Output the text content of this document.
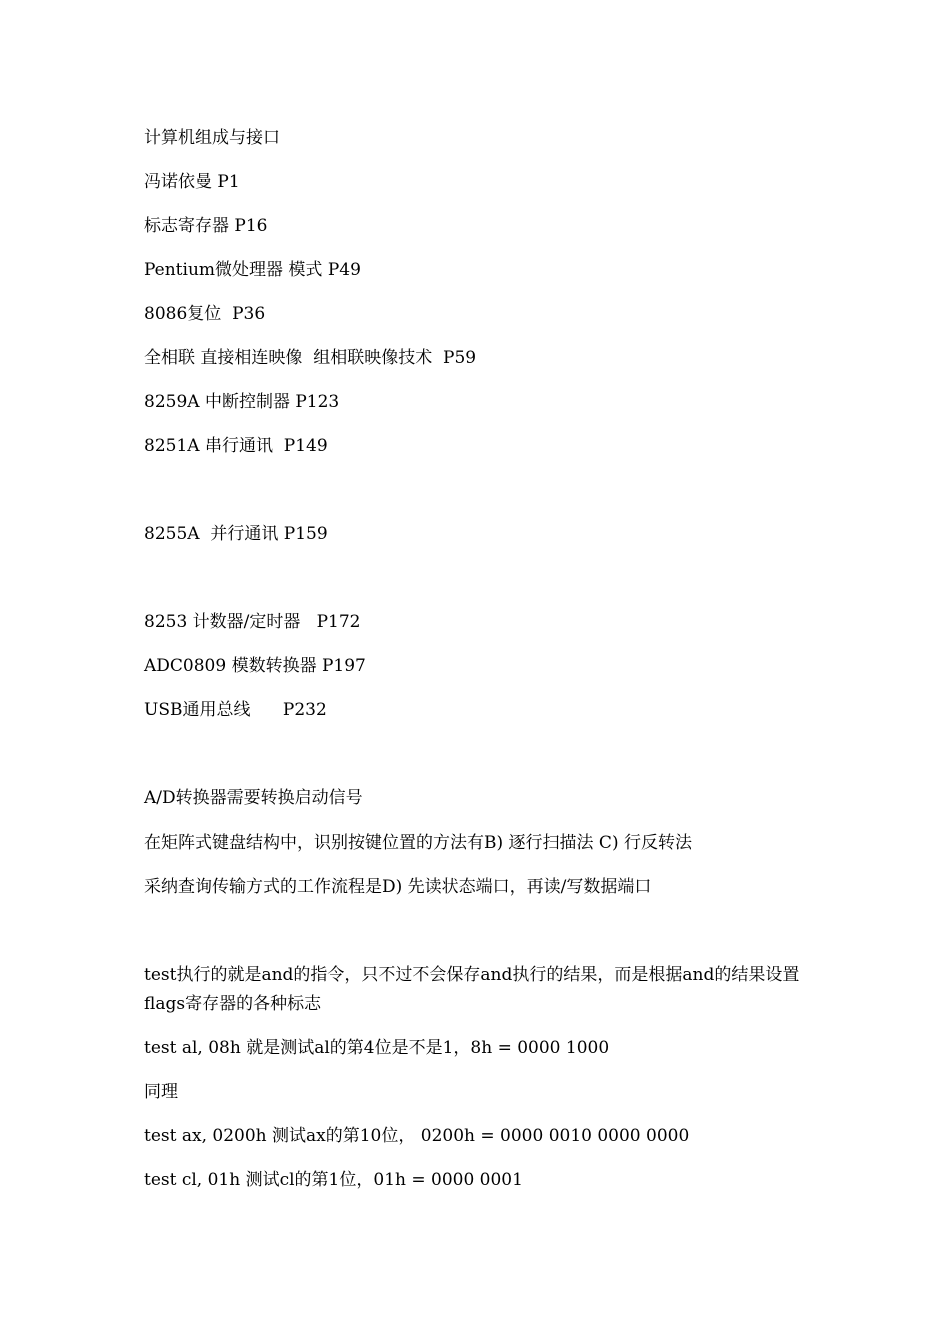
计算机组成与接口
冯诺依曼 P1
标志寄存器 P16
Pentium微处理器 模式 P49
8086复位  P36
全相联 直接相连映像  组相联映像技术  P59
8259A 中断控制器 P123
8251A 串行通讯  P149
8255A  并行通讯 P159
8253 计数器/定时器   P172
ADC0809 模数转换器 P197
USB通用总线      P232
A/D转换器需要转换启动信号
在矩阵式键盘结构中，识别按键位置的方法有B) 逐行扫描法 C) 行反转法
采纳查询传输方式的工作流程是D) 先读状态端口，再读/写数据端口
test执行的就是and的指令，只不过不会保存and执行的结果，而是根据and的结果设置flags寄存器的各种标志
test al, 08h 就是测试al的第4位是不是1，8h = 0000 1000
同理
test ax, 0200h 测试ax的第10位， 0200h = 0000 0010 0000 0000
test cl, 01h 测试cl的第1位，01h = 0000 0001
